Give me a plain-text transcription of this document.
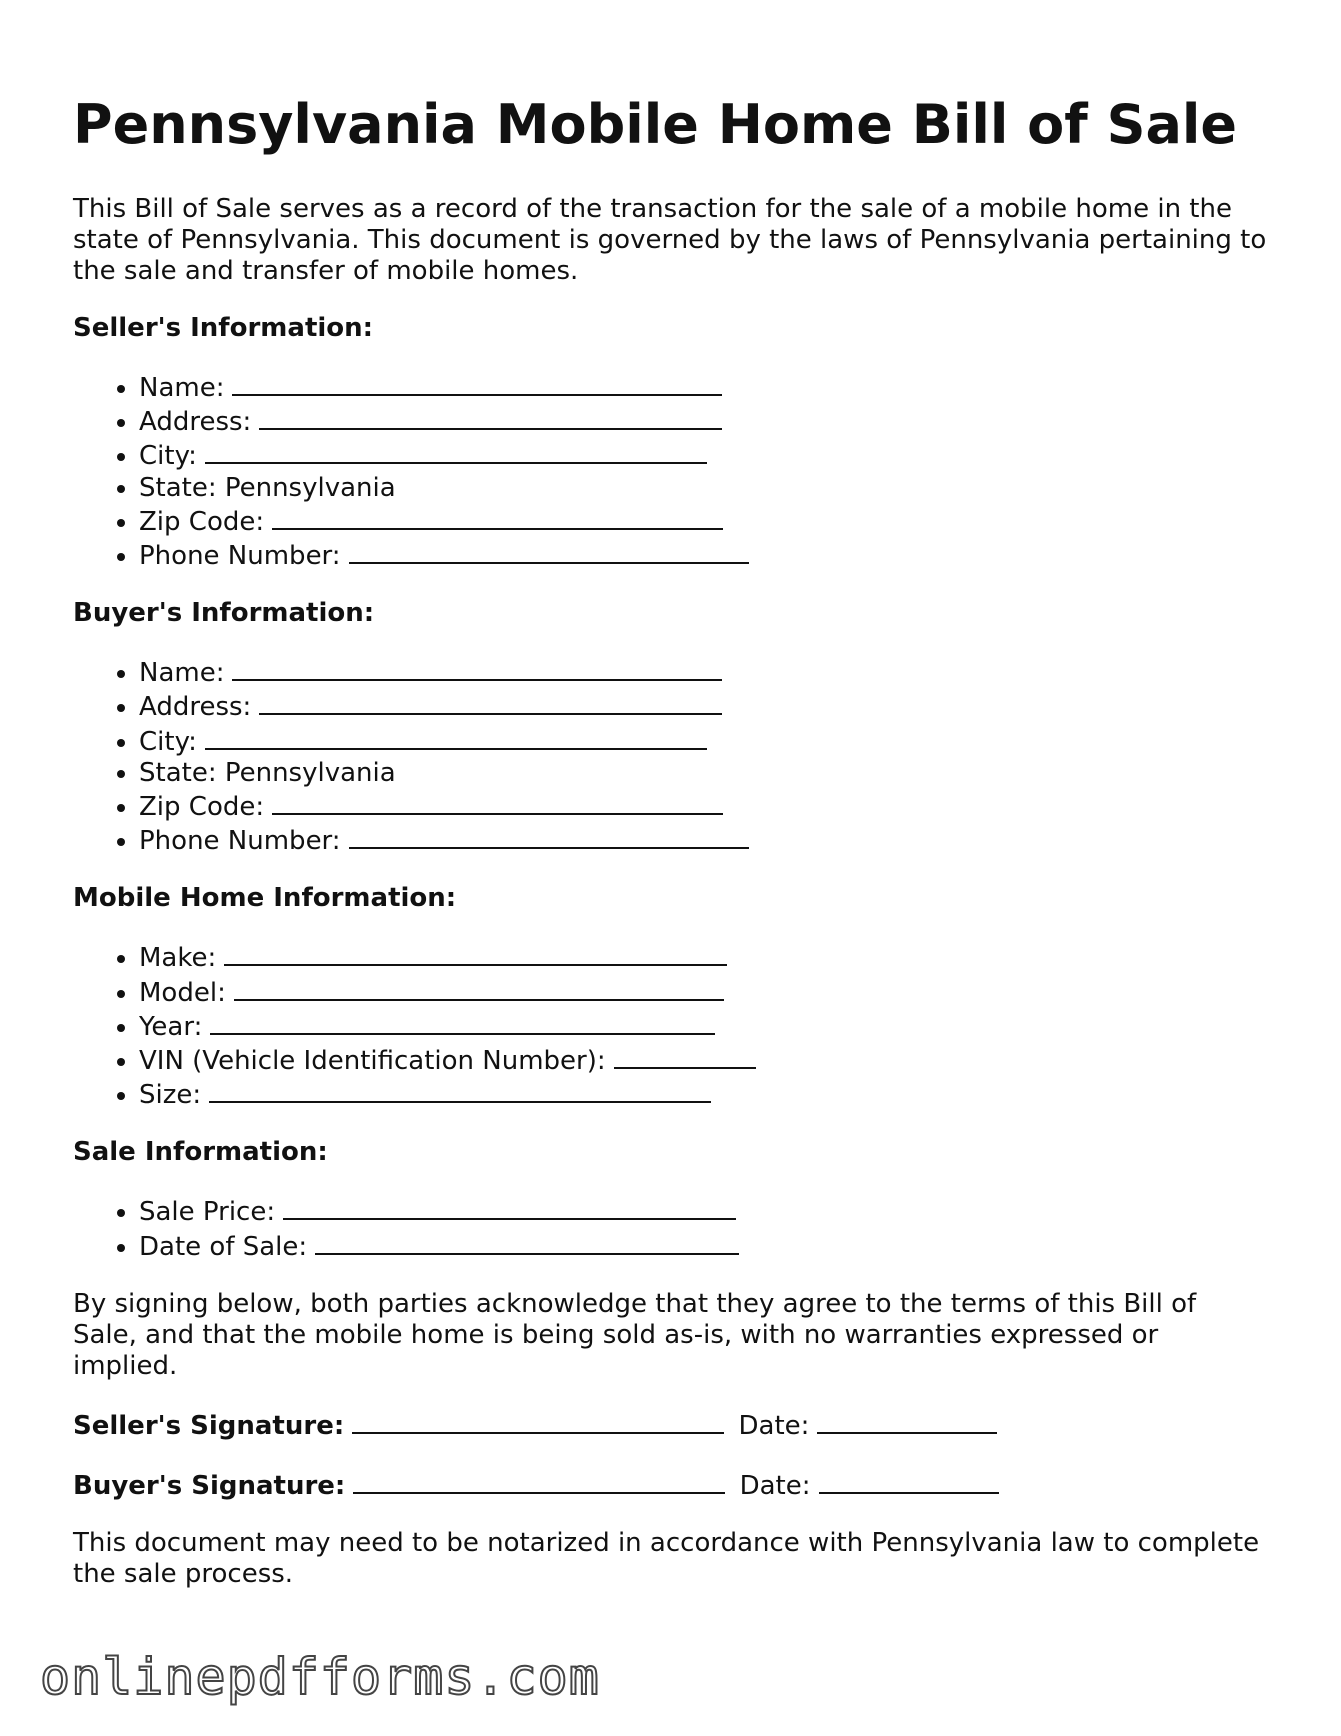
Pennsylvania Mobile Home Bill of Sale

This Bill of Sale serves as a record of the transaction for the sale of a mobile home in the state of Pennsylvania. This document is governed by the laws of Pennsylvania pertaining to the sale and transfer of mobile homes.

Seller's Information:
• Name:
• Address:
• City:
• State: Pennsylvania
• Zip Code:
• Phone Number:
Buyer's Information:
• Name:
• Address:
• City:
• State: Pennsylvania
• Zip Code:
• Phone Number:
Mobile Home Information:
• Make:
• Model:
• Year:
• VIN (Vehicle Identification Number):
• Size:
Sale Information:
• Sale Price:
• Date of Sale:

By signing below, both parties acknowledge that they agree to the terms of this Bill of Sale, and that the mobile home is being sold as-is, with no warranties expressed or implied.

Seller's Signature:	Date:
Buyer's Signature:	Date:

This document may need to be notarized in accordance with Pennsylvania law to complete the sale process.

onlinepdfforms.com
